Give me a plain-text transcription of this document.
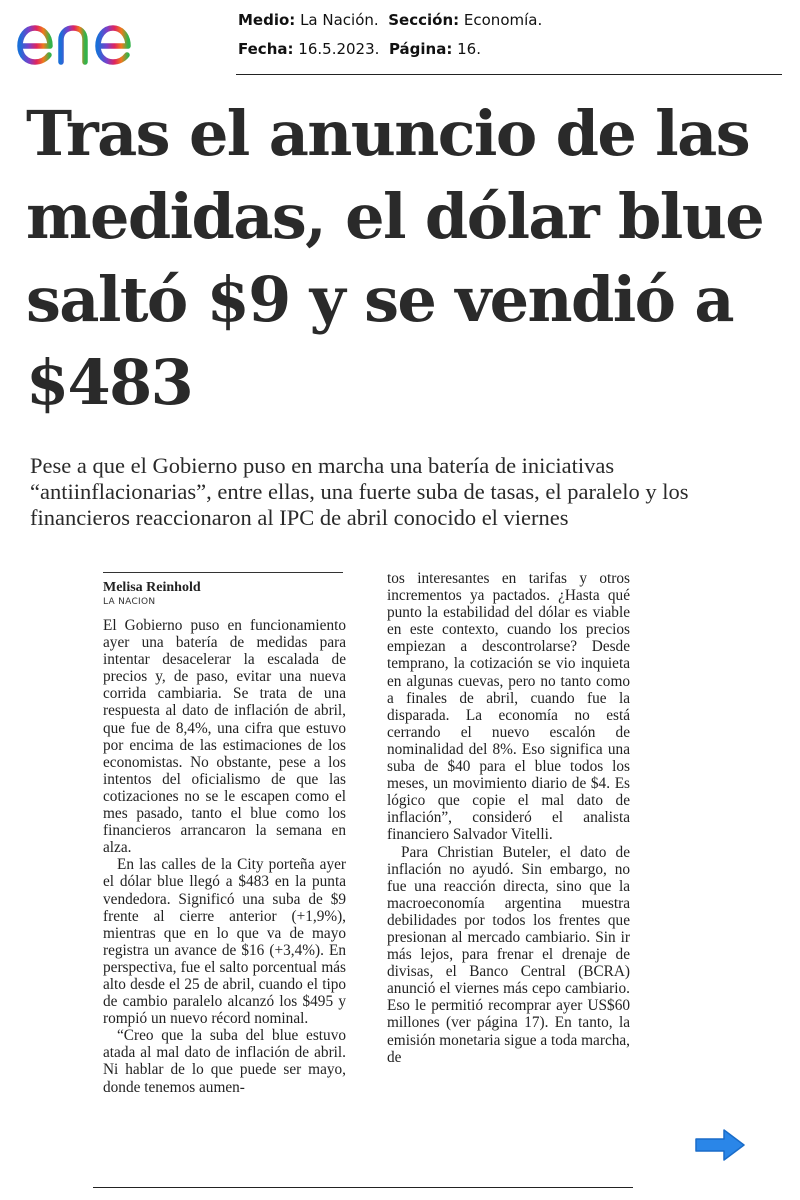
Medio: La Nación. Sección: Economía.
Fecha: 16.5.2023. Página: 16.
Tras el anuncio de las medidas, el dólar blue saltó $9 y se vendió a $483

Pese a que el Gobierno puso en marcha una batería de iniciativas “antiinflacionarias”, entre ellas, una fuerte suba de tasas, el paralelo y los financieros reaccionaron al IPC de abril conocido el viernes

Melisa Reinhold
LA NACION

El Gobierno puso en funcionamiento ayer una batería de medidas para intentar desacelerar la escalada de precios y, de paso, evitar una nueva corrida cambiaria. Se trata de una respuesta al dato de inflación de abril, que fue de 8,4%, una cifra que estuvo por encima de las estimaciones de los economistas. No obstante, pese a los intentos del oficialismo de que las cotizaciones no se le escapen como el mes pasado, tanto el blue como los financieros arrancaron la semana en alza.

En las calles de la City porteña ayer el dólar blue llegó a $483 en la punta vendedora. Significó una suba de $9 frente al cierre anterior (+1,9%), mientras que en lo que va de mayo registra un avance de $16 (+3,4%). En perspectiva, fue el salto porcentual más alto desde el 25 de abril, cuando el tipo de cambio paralelo alcanzó los $495 y rompió un nuevo récord nominal.

“Creo que la suba del blue estuvo atada al mal dato de inflación de abril. Ni hablar de lo que puede ser mayo, donde tenemos aumen-

tos interesantes en tarifas y otros incrementos ya pactados. ¿Hasta qué punto la estabilidad del dólar es viable en este contexto, cuando los precios empiezan a descontrolarse? Desde temprano, la cotización se vio inquieta en algunas cuevas, pero no tanto como a finales de abril, cuando fue la disparada. La economía no está cerrando el nuevo escalón de nominalidad del 8%. Eso significa una suba de $40 para el blue todos los meses, un movimiento diario de $4. Es lógico que copie el mal dato de inflación”, consideró el analista financiero Salvador Vitelli.

Para Christian Buteler, el dato de inflación no ayudó. Sin embargo, no fue una reacción directa, sino que la macroeconomía argentina muestra debilidades por todos los frentes que presionan al mercado cambiario. Sin ir más lejos, para frenar el drenaje de divisas, el Banco Central (BCRA) anunció el viernes más cepo cambiario. Eso le permitió recomprar ayer US$60 millones (ver página 17). En tanto, la emisión monetaria sigue a toda marcha, de
